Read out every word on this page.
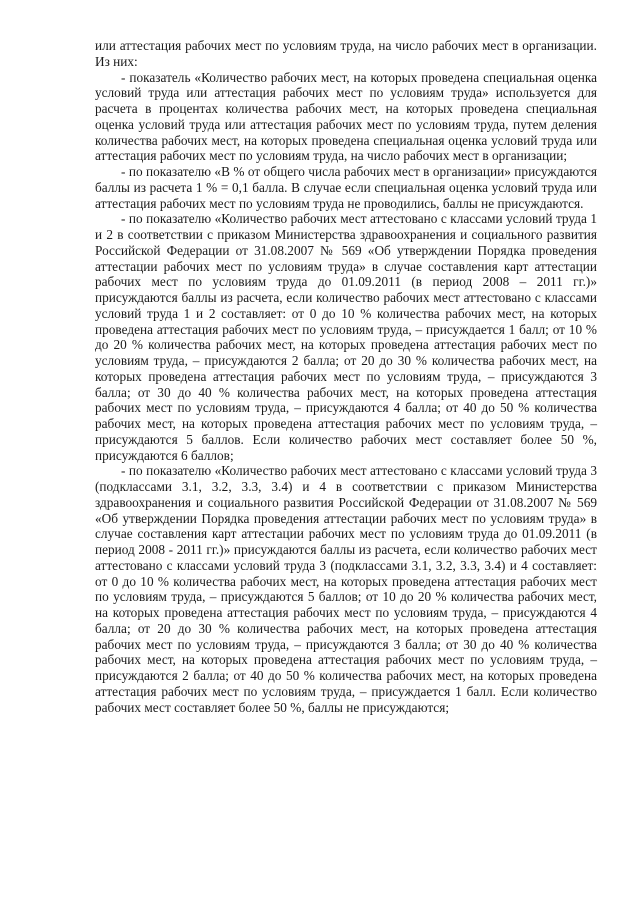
или аттестация рабочих мест по условиям труда, на число рабочих мест в организации. Из них:

- показатель «Количество рабочих мест, на которых проведена специальная оценка условий труда или аттестация рабочих мест по условиям труда» используется для расчета в процентах количества рабочих мест, на которых проведена специальная оценка условий труда или аттестация рабочих мест по условиям труда, путем деления количества рабочих мест, на которых проведена специальная оценка условий труда или аттестация рабочих мест по условиям труда, на число рабочих мест в организации;

- по показателю «В % от общего числа рабочих мест в организации» присуждаются баллы из расчета 1 % = 0,1 балла. В случае если специальная оценка условий труда или аттестация рабочих мест по условиям труда не проводились, баллы не присуждаются.

- по показателю «Количество рабочих мест аттестовано с классами условий труда 1 и 2 в соответствии с приказом Министерства здравоохранения и социального развития Российской Федерации от 31.08.2007 № 569 «Об утверждении Порядка проведения аттестации рабочих мест по условиям труда» в случае составления карт аттестации рабочих мест по условиям труда до 01.09.2011 (в период 2008 – 2011 гг.)» присуждаются баллы из расчета, если количество рабочих мест аттестовано с классами условий труда 1 и 2 составляет: от 0 до 10 % количества рабочих мест, на которых проведена аттестация рабочих мест по условиям труда, – присуждается 1 балл; от 10 % до 20 % количества рабочих мест, на которых проведена аттестация рабочих мест по условиям труда, – присуждаются 2 балла; от 20 до 30 % количества рабочих мест, на которых проведена аттестация рабочих мест по условиям труда, – присуждаются 3 балла; от 30 до 40 % количества рабочих мест, на которых проведена аттестация рабочих мест по условиям труда, – присуждаются 4 балла; от 40 до 50 % количества рабочих мест, на которых проведена аттестация рабочих мест по условиям труда, – присуждаются 5 баллов. Если количество рабочих мест составляет более 50 %, присуждаются 6 баллов;

- по показателю «Количество рабочих мест аттестовано с классами условий труда 3 (подклассами 3.1, 3.2, 3.3, 3.4) и 4 в соответствии с приказом Министерства здравоохранения и социального развития Российской Федерации от 31.08.2007 № 569 «Об утверждении Порядка проведения аттестации рабочих мест по условиям труда» в случае составления карт аттестации рабочих мест по условиям труда до 01.09.2011 (в период 2008 - 2011 гг.)» присуждаются баллы из расчета, если количество рабочих мест аттестовано с классами условий труда 3 (подклассами 3.1, 3.2, 3.3, 3.4) и 4 составляет: от 0 до 10 % количества рабочих мест, на которых проведена аттестация рабочих мест по условиям труда, – присуждаются 5 баллов; от 10 до 20 % количества рабочих мест, на которых проведена аттестация рабочих мест по условиям труда, – присуждаются 4 балла; от 20 до 30 % количества рабочих мест, на которых проведена аттестация рабочих мест по условиям труда, – присуждаются 3 балла; от 30 до 40 % количества рабочих мест, на которых проведена аттестация рабочих мест по условиям труда, – присуждаются 2 балла; от 40 до 50 % количества рабочих мест, на которых проведена аттестация рабочих мест по условиям труда, – присуждается 1 балл. Если количество рабочих мест составляет более 50 %, баллы не присуждаются;
